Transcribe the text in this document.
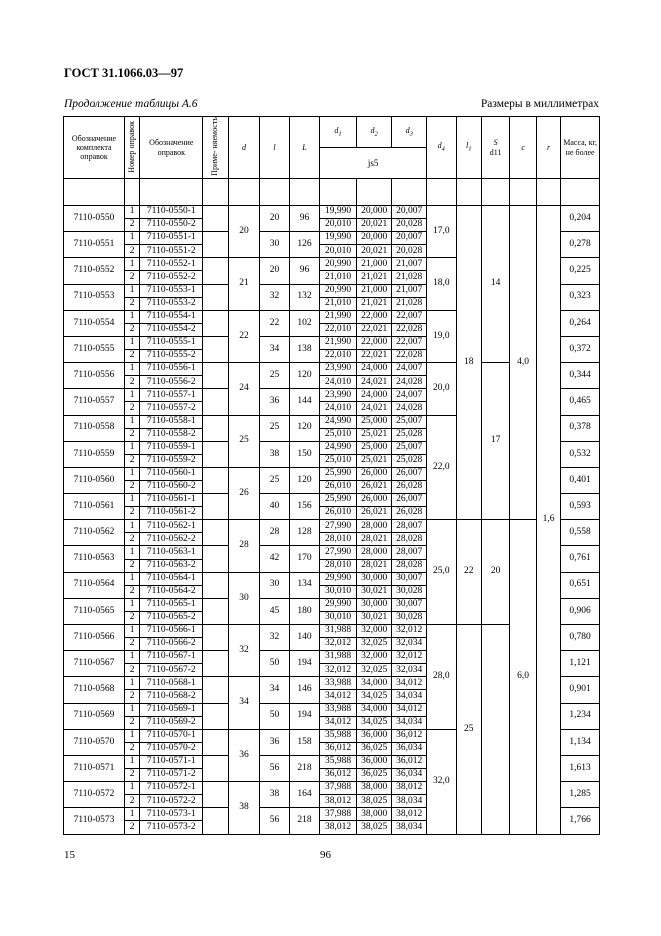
ГОСТ 31.1066.03—97
Продолжение таблицы А.6	Размеры в миллиметрах
Обозначение комплекта оправок	Номер оправок	Обозначение оправок	Приме- няемость	d	l	L	$d_1$	$d_2$	$d_3$	$d_4$	$l_1$	S
d11	c	r	Масса, кг, не более
							js5								

7110-0550	1	7110-0550-1		20	20	96	19,990	20,000	20,007	17,0	18	14	4,0	1,6	0,204
	2	7110-0550-2					20,010	20,021	20,028						
7110-0551	1	7110-0551-1			30	126	19,990	20,000	20,007						0,278
	2	7110-0551-2					20,010	20,021	20,028						
7110-0552	1	7110-0552-1		21	20	96	20,990	21,000	21,007	18,0					0,225
	2	7110-0552-2					21,010	21,021	21,028						
7110-0553	1	7110-0553-1			32	132	20,990	21,000	21,007						0,323
	2	7110-0553-2					21,010	21,021	21,028						
7110-0554	1	7110-0554-1		22	22	102	21,990	22,000	22,007	19,0					0,264
	2	7110-0554-2					22,010	22,021	22,028						
7110-0555	1	7110-0555-1			34	138	21,990	22,000	22,007						0,372
	2	7110-0555-2					22,010	22,021	22,028						
7110-0556	1	7110-0556-1		24	25	120	23,990	24,000	24,007	20,0		17			0,344
	2	7110-0556-2					24,010	24,021	24,028						
7110-0557	1	7110-0557-1			36	144	23,990	24,000	24,007						0,465
	2	7110-0557-2					24,010	24,021	24,028						
7110-0558	1	7110-0558-1		25	25	120	24,990	25,000	25,007	22,0					0,378
	2	7110-0558-2					25,010	25,021	25,028						
7110-0559	1	7110-0559-1			38	150	24,990	25,000	25,007						0,532
	2	7110-0559-2					25,010	25,021	25,028						
7110-0560	1	7110-0560-1		26	25	120	25,990	26,000	26,007						0,401
	2	7110-0560-2					26,010	26,021	26,028						
7110-0561	1	7110-0561-1			40	156	25,990	26,000	26,007						0,593
	2	7110-0561-2					26,010	26,021	26,028						
7110-0562	1	7110-0562-1		28	28	128	27,990	28,000	28,007	25,0	22	20	6,0		0,558
	2	7110-0562-2					28,010	28,021	28,028						
7110-0563	1	7110-0563-1			42	170	27,990	28,000	28,007						0,761
	2	7110-0563-2					28,010	28,021	28,028						
7110-0564	1	7110-0564-1		30	30	134	29,990	30,000	30,007						0,651
	2	7110-0564-2					30,010	30,021	30,028						
7110-0565	1	7110-0565-1			45	180	29,990	30,000	30,007						0,906
	2	7110-0565-2					30,010	30,021	30,028						
7110-0566	1	7110-0566-1		32	32	140	31,988	32,000	32,012	28,0	25				0,780
	2	7110-0566-2					32,012	32,025	32,034						
7110-0567	1	7110-0567-1			50	194	31,988	32,000	32,012						1,121
	2	7110-0567-2					32,012	32,025	32,034						
7110-0568	1	7110-0568-1		34	34	146	33,988	34,000	34,012						0,901
	2	7110-0568-2					34,012	34,025	34,034						
7110-0569	1	7110-0569-1			50	194	33,988	34,000	34,012						1,234
	2	7110-0569-2					34,012	34,025	34,034						
7110-0570	1	7110-0570-1		36	36	158	35,988	36,000	36,012	32,0					1,134
	2	7110-0570-2					36,012	36,025	36,034						
7110-0571	1	7110-0571-1			56	218	35,988	36,000	36,012						1,613
	2	7110-0571-2					36,012	36,025	36,034						
7110-0572	1	7110-0572-1		38	38	164	37,988	38,000	38,012						1,285
	2	7110-0572-2					38,012	38,025	38,034						
7110-0573	1	7110-0573-1			56	218	37,988	38,000	38,012						1,766
	2	7110-0573-2					38,012	38,025	38,034						
15	96
